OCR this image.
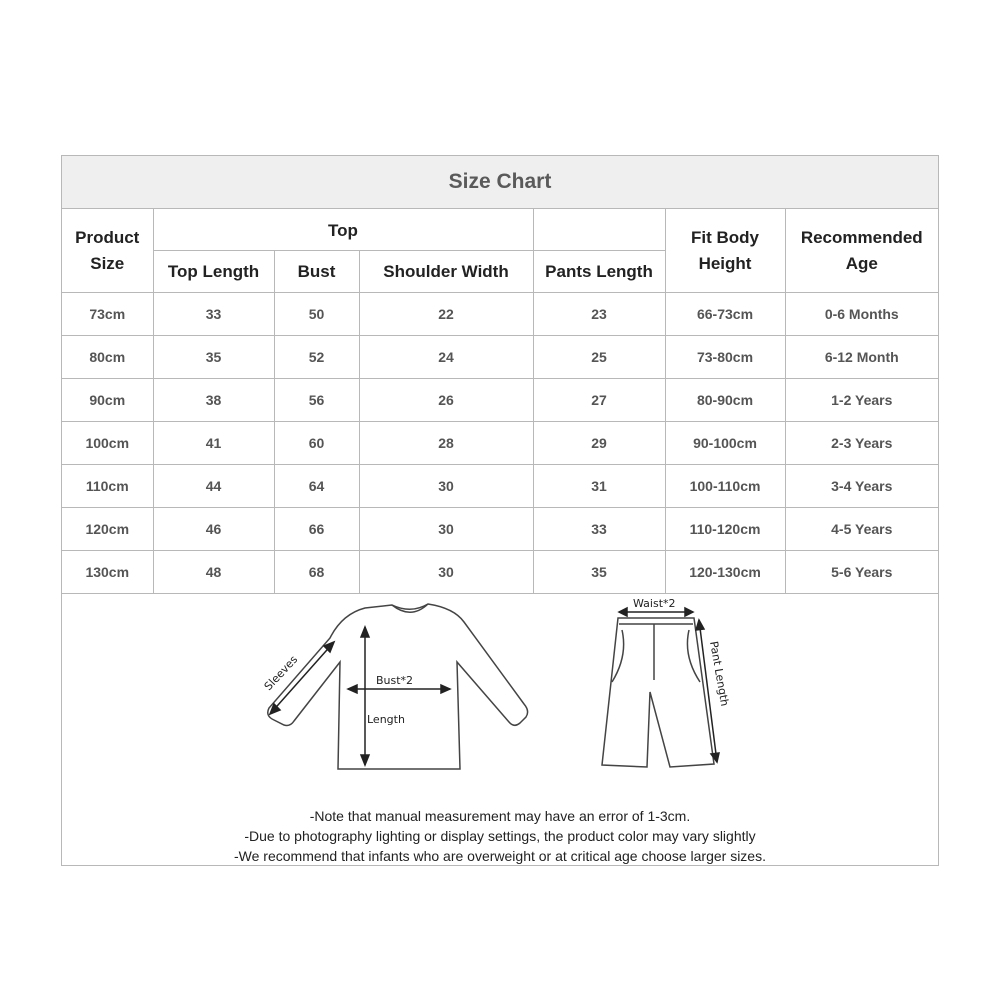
Size Chart
Product Size	Top				Fit Body Height	Recommended Age
	Top Length	Bust	Shoulder Width	Pants Length		
73cm	33	50	22	23	66-73cm	0-6 Months
80cm	35	52	24	25	73-80cm	6-12 Month
90cm	38	56	26	27	80-90cm	1-2 Years
100cm	41	60	28	29	90-100cm	2-3 Years
110cm	44	64	30	31	100-110cm	3-4 Years
120cm	46	66	30	33	110-120cm	4-5 Years
130cm	48	68	30	35	120-130cm	5-6 Years
Sleeves	Bust*2
Length
Waist*2
Pant Length
-Note that manual measurement may have an error of 1-3cm.
-Due to photography lighting or display settings, the product color may vary slightly
-We recommend that infants who are overweight or at critical age choose larger sizes.
